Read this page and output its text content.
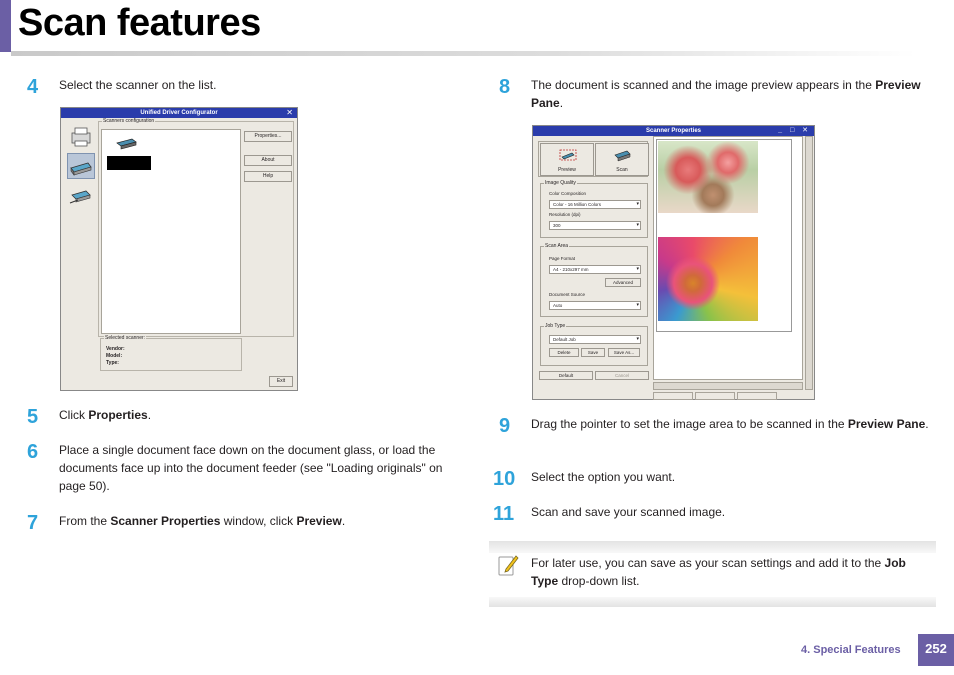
Scan features
4 Select the scanner on the list.
Unified Driver Configurator	✕
Scanners configuration
Properties...
About
Help
Selected scanner:
Vendor:
Model:
Type:
Exit
5 Click Properties.
6 Place a single document face down on the document glass, or load the documents face up into the document feeder (see "Loading originals" on page 50).
7 From the Scanner Properties window, click Preview.
8 The document is scanned and the image preview appears in the Preview Pane.
Scanner Properties	_ □ ✕
Preview	Scan
Image Quality
Color Composition
Color - 16 Million Colors ▾
Resolution (dpi)
300 ▾
Scan Area
Page Format
A4 - 210x297 mm ▾
Advanced
Document Source
Auto ▾
Job Type
Default Job ▾
Delete	Save	Save As...
Default	Cancel
9 Drag the pointer to set the image area to be scanned in the Preview Pane.
10 Select the option you want.
11 Scan and save your scanned image.
For later use, you can save as your scan settings and add it to the Job Type drop-down list.
4. Special Features	252
